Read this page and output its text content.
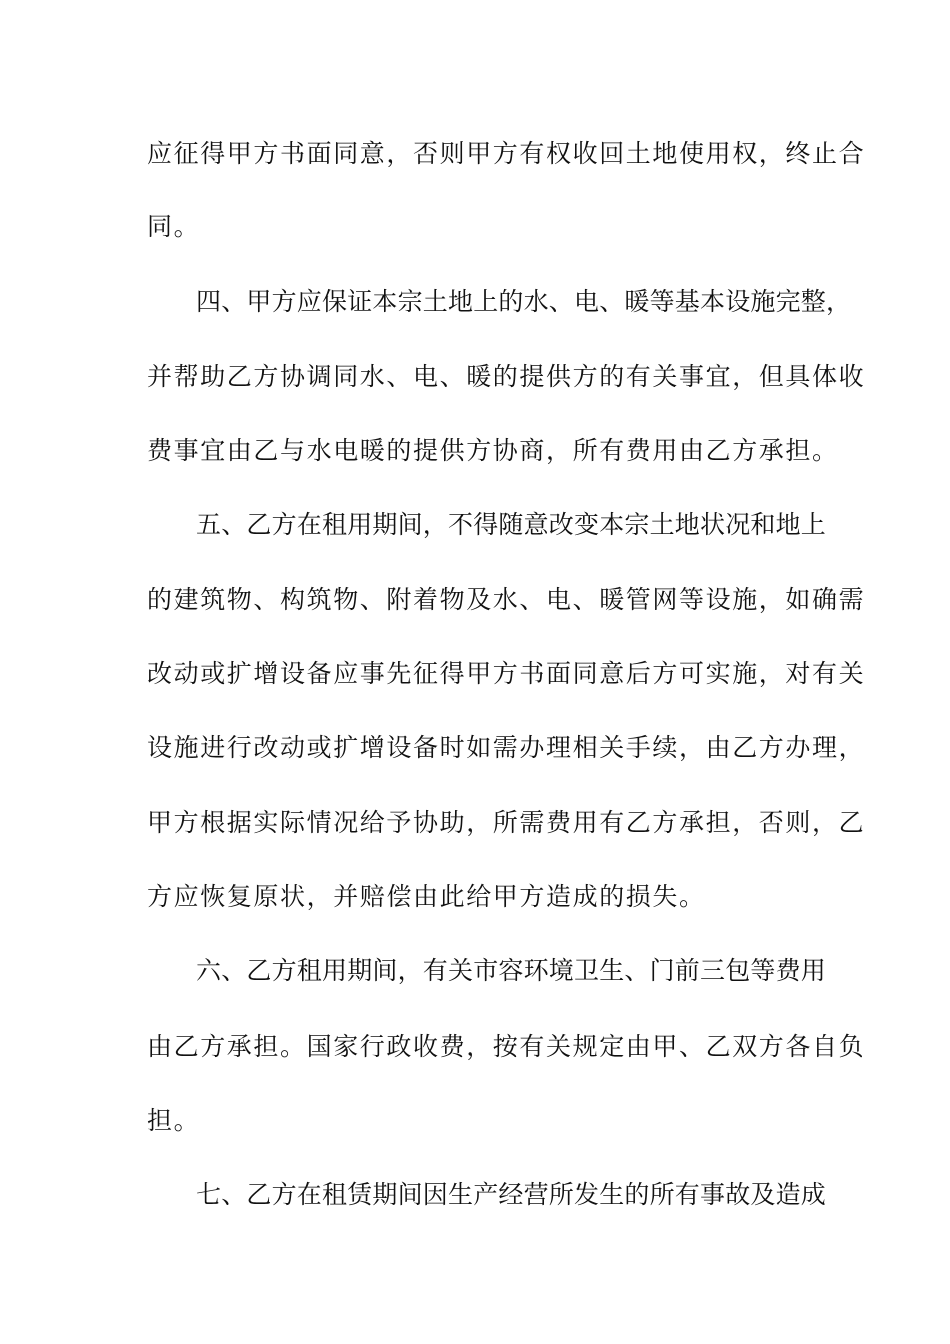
应征得甲方书面同意，否则甲方有权收回土地使用权，终止合
同。
四、甲方应保证本宗土地上的水、电、暖等基本设施完整，
并帮助乙方协调同水、电、暖的提供方的有关事宜，但具体收
费事宜由乙与水电暖的提供方协商，所有费用由乙方承担。
五、乙方在租用期间，不得随意改变本宗土地状况和地上
的建筑物、构筑物、附着物及水、电、暖管网等设施，如确需
改动或扩增设备应事先征得甲方书面同意后方可实施，对有关
设施进行改动或扩增设备时如需办理相关手续，由乙方办理，
甲方根据实际情况给予协助，所需费用有乙方承担，否则，乙
方应恢复原状，并赔偿由此给甲方造成的损失。
六、乙方租用期间，有关市容环境卫生、门前三包等费用
由乙方承担。国家行政收费，按有关规定由甲、乙双方各自负
担。
七、乙方在租赁期间因生产经营所发生的所有事故及造成
